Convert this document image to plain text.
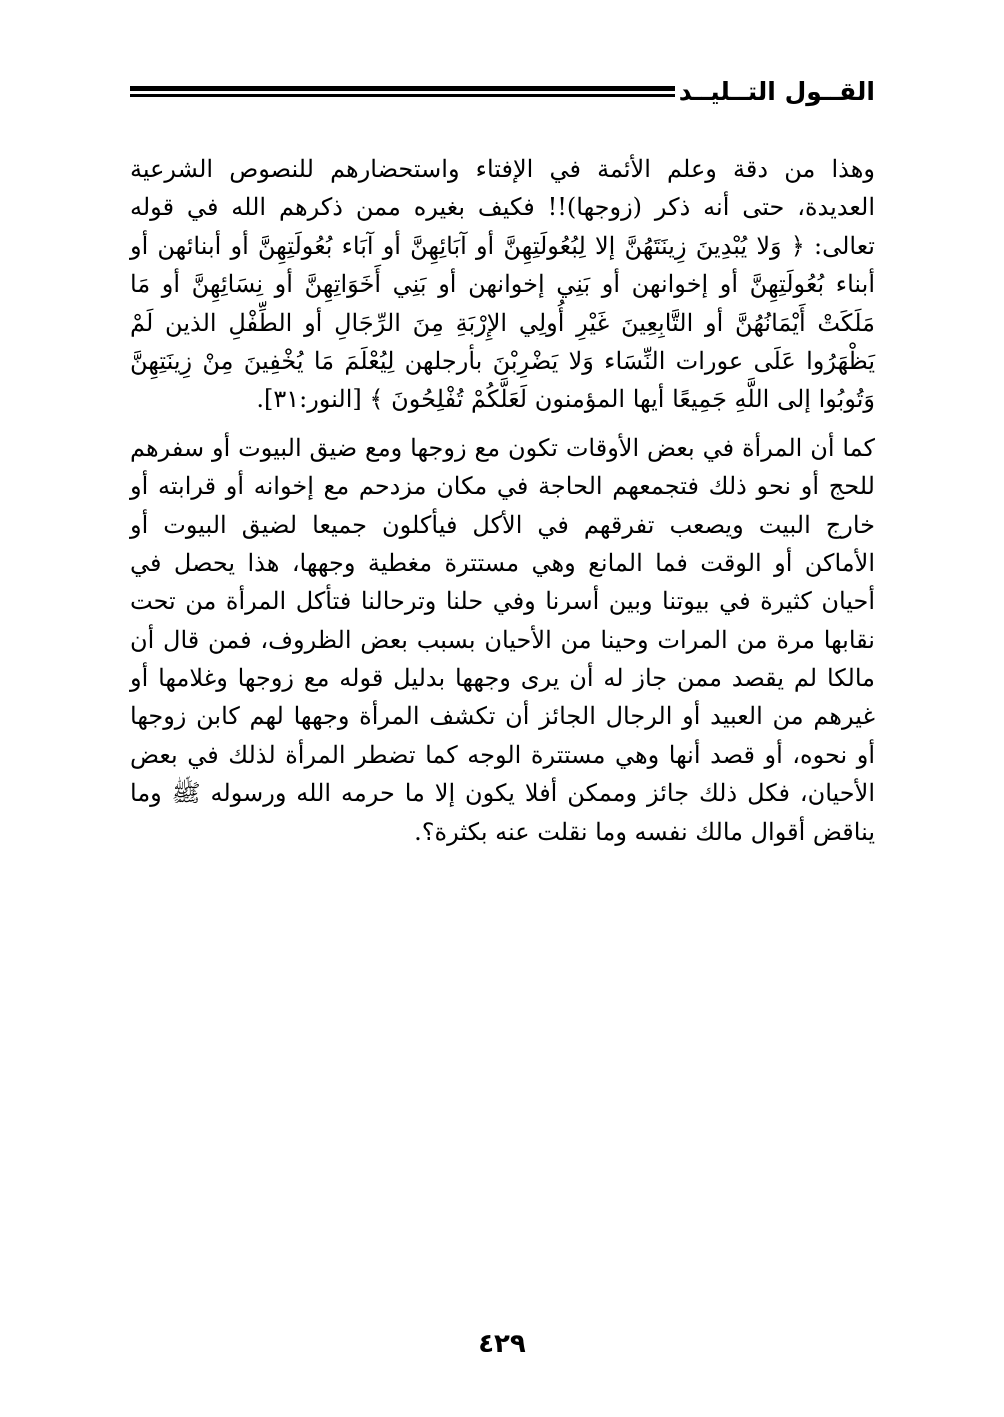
القــول التــليــد

وهذا من دقة وعلم الأئمة في الإفتاء واستحضارهم للنصوص الشرعية العديدة، حتى أنه ذكر (زوجها)!! فكيف بغيره ممن ذكرهم الله في قوله تعالى: ﴿ وَلا يُبْدِينَ زِينَتَهُنَّ إلا لِبُعُولَتِهِنَّ أو آبَائِهِنَّ أو آبَاء بُعُولَتِهِنَّ أو أبنائهن أو أبناء بُعُولَتِهِنَّ أو إخوانهن أو بَنِي إخوانهن أو بَنِي أَخَوَاتِهِنَّ أو نِسَائِهِنَّ أو مَا مَلَكَتْ أَيْمَانُهُنَّ أو التَّابِعِينَ غَيْرِ أُولِي الإِرْبَةِ مِنَ الرِّجَالِ أو الطِّفْلِ الذين لَمْ يَظْهَرُوا عَلَى عورات النِّسَاء وَلا يَضْرِبْنَ بأرجلهن لِيُعْلَمَ مَا يُخْفِينَ مِنْ زِينَتِهِنَّ وَتُوبُوا إلى اللَّهِ جَمِيعًا أيها المؤمنون لَعَلَّكُمْ تُفْلِحُونَ ﴾ [النور:٣١].

كما أن المرأة في بعض الأوقات تكون مع زوجها ومع ضيق البيوت أو سفرهم للحج أو نحو ذلك فتجمعهم الحاجة في مكان مزدحم مع إخوانه أو قرابته أو خارج البيت ويصعب تفرقهم في الأكل فيأكلون جميعا لضيق البيوت أو الأماكن أو الوقت فما المانع وهي مستترة مغطية وجهها، هذا يحصل في أحيان كثيرة في بيوتنا وبين أسرنا وفي حلنا وترحالنا فتأكل المرأة من تحت نقابها مرة من المرات وحينا من الأحيان بسبب بعض الظروف، فمن قال أن مالكا لم يقصد ممن جاز له أن يرى وجهها بدليل قوله مع زوجها وغلامها أو غيرهم من العبيد أو الرجال الجائز أن تكشف المرأة وجهها لهم كابن زوجها أو نحوه، أو قصد أنها وهي مستترة الوجه كما تضطر المرأة لذلك في بعض الأحيان، فكل ذلك جائز وممكن أفلا يكون إلا ما حرمه الله ورسوله ﷺ وما يناقض أقوال مالك نفسه وما نقلت عنه بكثرة؟.

٤٢٩
